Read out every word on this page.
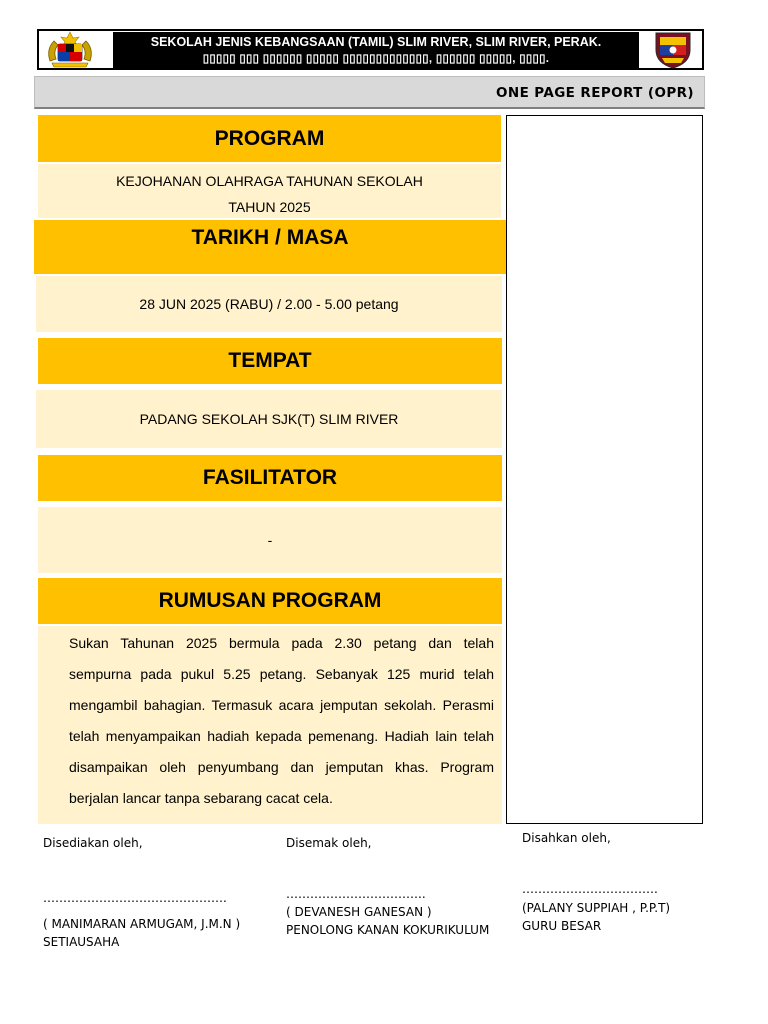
SEKOLAH JENIS KEBANGSAAN (TAMIL) SLIM RIVER, SLIM RIVER, PERAK.
▯▯▯▯▯ ▯▯▯ ▯▯▯▯▯▯ ▯▯▯▯▯ ▯▯▯▯▯▯▯▯▯▯▯▯▯, ▯▯▯▯▯▯ ▯▯▯▯▯, ▯▯▯▯.
ONE PAGE REPORT (OPR)
PROGRAM
KEJOHANAN OLAHRAGA TAHUNAN SEKOLAH
TAHUN 2025
TARIKH / MASA
28 JUN 2025 (RABU) / 2.00 - 5.00 petang
TEMPAT
PADANG SEKOLAH SJK(T) SLIM RIVER
FASILITATOR
-
RUMUSAN PROGRAM
Sukan Tahunan 2025 bermula pada 2.30 petang dan telah sempurna pada pukul 5.25 petang. Sebanyak 125 murid telah mengambil bahagian. Termasuk acara jemputan sekolah. Perasmi telah menyampaikan hadiah kepada pemenang. Hadiah lain telah disampaikan oleh penyumbang dan jemputan khas. Program berjalan lancar tanpa sebarang cacat cela.
Disediakan oleh,
……………………………………….
( MANIMARAN ARMUGAM, J.M.N )
SETIAUSAHA
Disemak oleh,
……………………………..
( DEVANESH GANESAN )
PENOLONG KANAN KOKURIKULUM
Disahkan oleh,
…………………………….
(PALANY SUPPIAH , P.P.T)
GURU BESAR
